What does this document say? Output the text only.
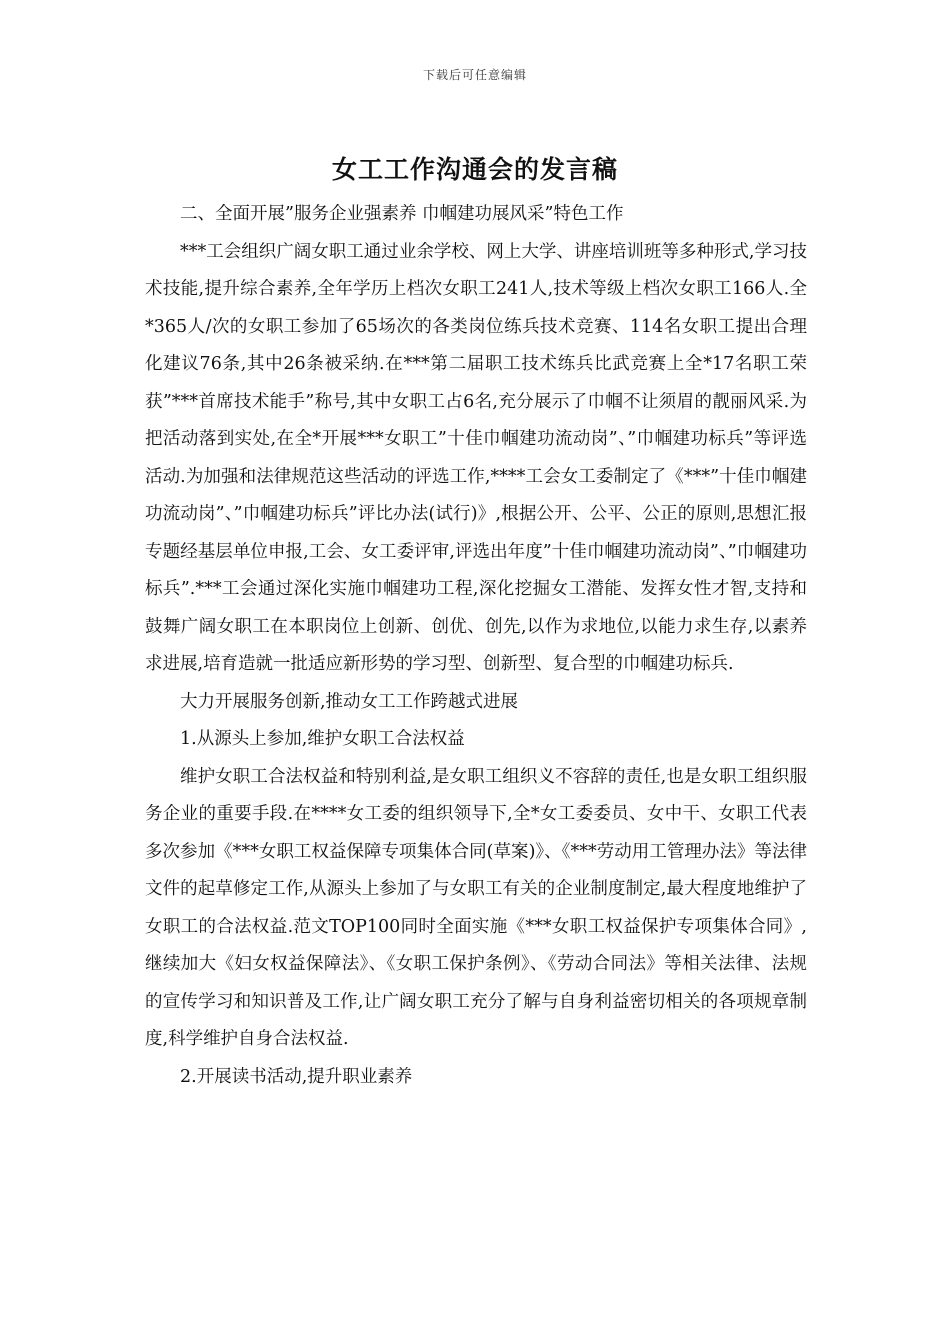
下载后可任意编辑
女工工作沟通会的发言稿

二、全面开展”服务企业强素养 巾帼建功展风采”特色工作

***工会组织广阔女职工通过业余学校、网上大学、讲座培训班等多种形式,学习技术技能,提升综合素养,全年学历上档次女职工241人,技术等级上档次女职工166人.全*365人/次的女职工参加了65场次的各类岗位练兵技术竞赛、114名女职工提出合理化建议76条,其中26条被采纳.在***第二届职工技术练兵比武竞赛上全*17名职工荣获”***首席技术能手”称号,其中女职工占6名,充分展示了巾帼不让须眉的靓丽风采.为把活动落到实处,在全*开展***女职工”十佳巾帼建功流动岗”、”巾帼建功标兵”等评选活动.为加强和法律规范这些活动的评选工作,****工会女工委制定了《***”十佳巾帼建功流动岗”、”巾帼建功标兵”评比办法(试行)》,根据公开、公平、公正的原则,思想汇报专题经基层单位申报,工会、女工委评审,评选出年度”十佳巾帼建功流动岗”、”巾帼建功标兵”.***工会通过深化实施巾帼建功工程,深化挖掘女工潜能、发挥女性才智,支持和鼓舞广阔女职工在本职岗位上创新、创优、创先,以作为求地位,以能力求生存,以素养求进展,培育造就一批适应新形势的学习型、创新型、复合型的巾帼建功标兵.

大力开展服务创新,推动女工工作跨越式进展

1.从源头上参加,维护女职工合法权益

维护女职工合法权益和特别利益,是女职工组织义不容辞的责任,也是女职工组织服务企业的重要手段.在****女工委的组织领导下,全*女工委委员、女中干、女职工代表多次参加《***女职工权益保障专项集体合同(草案)》、《***劳动用工管理办法》等法律文件的起草修定工作,从源头上参加了与女职工有关的企业制度制定,最大程度地维护了女职工的合法权益.范文TOP100同时全面实施《***女职工权益保护专项集体合同》,继续加大《妇女权益保障法》、《女职工保护条例》、《劳动合同法》等相关法律、法规的宣传学习和知识普及工作,让广阔女职工充分了解与自身利益密切相关的各项规章制度,科学维护自身合法权益.

2.开展读书活动,提升职业素养
